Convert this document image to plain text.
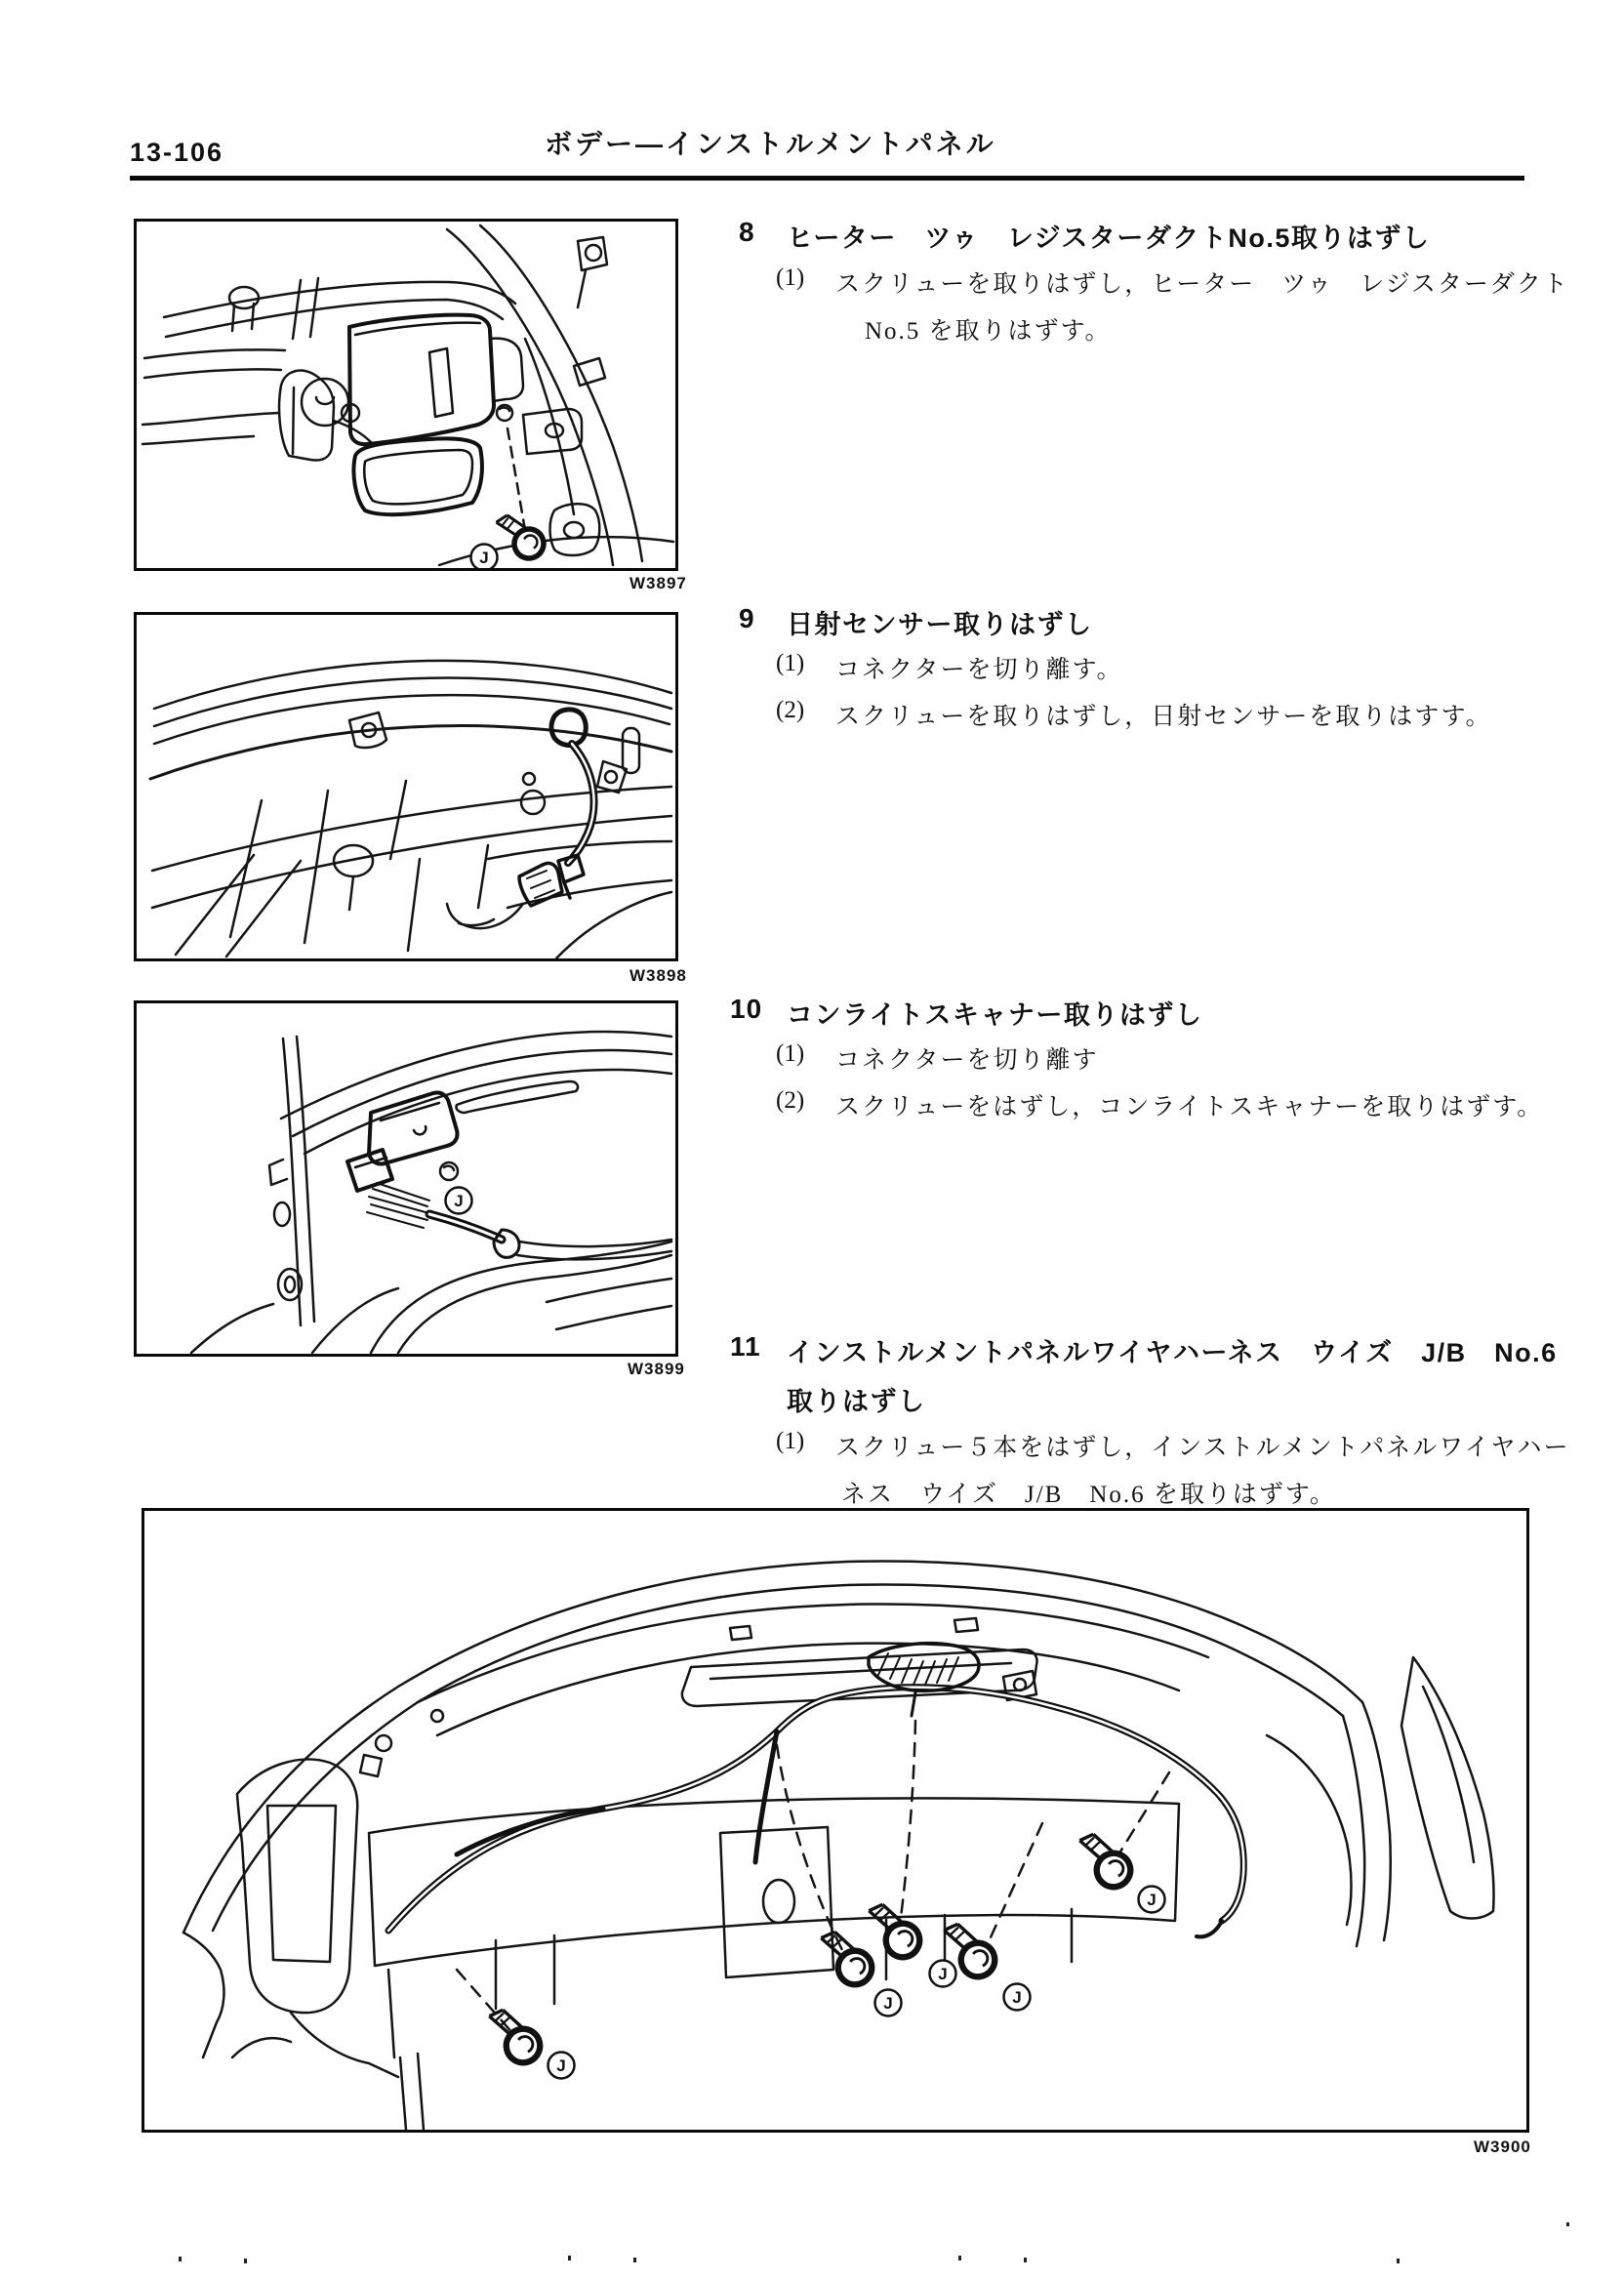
13-106	ボデー―インストルメントパネル
W3897
8 ヒーター　ツゥ　レジスターダクトNo.5取りはずし
(1) スクリューを取りはずし，ヒーター　ツゥ　レジスターダクト
No.5 を取りはずす。
W3898
9 日射センサー取りはずし
(1) コネクターを切り離す。
(2) スクリューを取りはずし，日射センサーを取りはすす。
W3899
10 コンライトスキャナー取りはずし
(1) コネクターを切り離す
(2) スクリューをはずし，コンライトスキャナーを取りはずす。
11 インストルメントパネルワイヤハーネス　ウイズ　J/B　No.6
取りはずし
(1) スクリュー５本をはずし，インストルメントパネルワイヤハー
ネス　ウイズ　J/B　No.6 を取りはずす。
W3900
